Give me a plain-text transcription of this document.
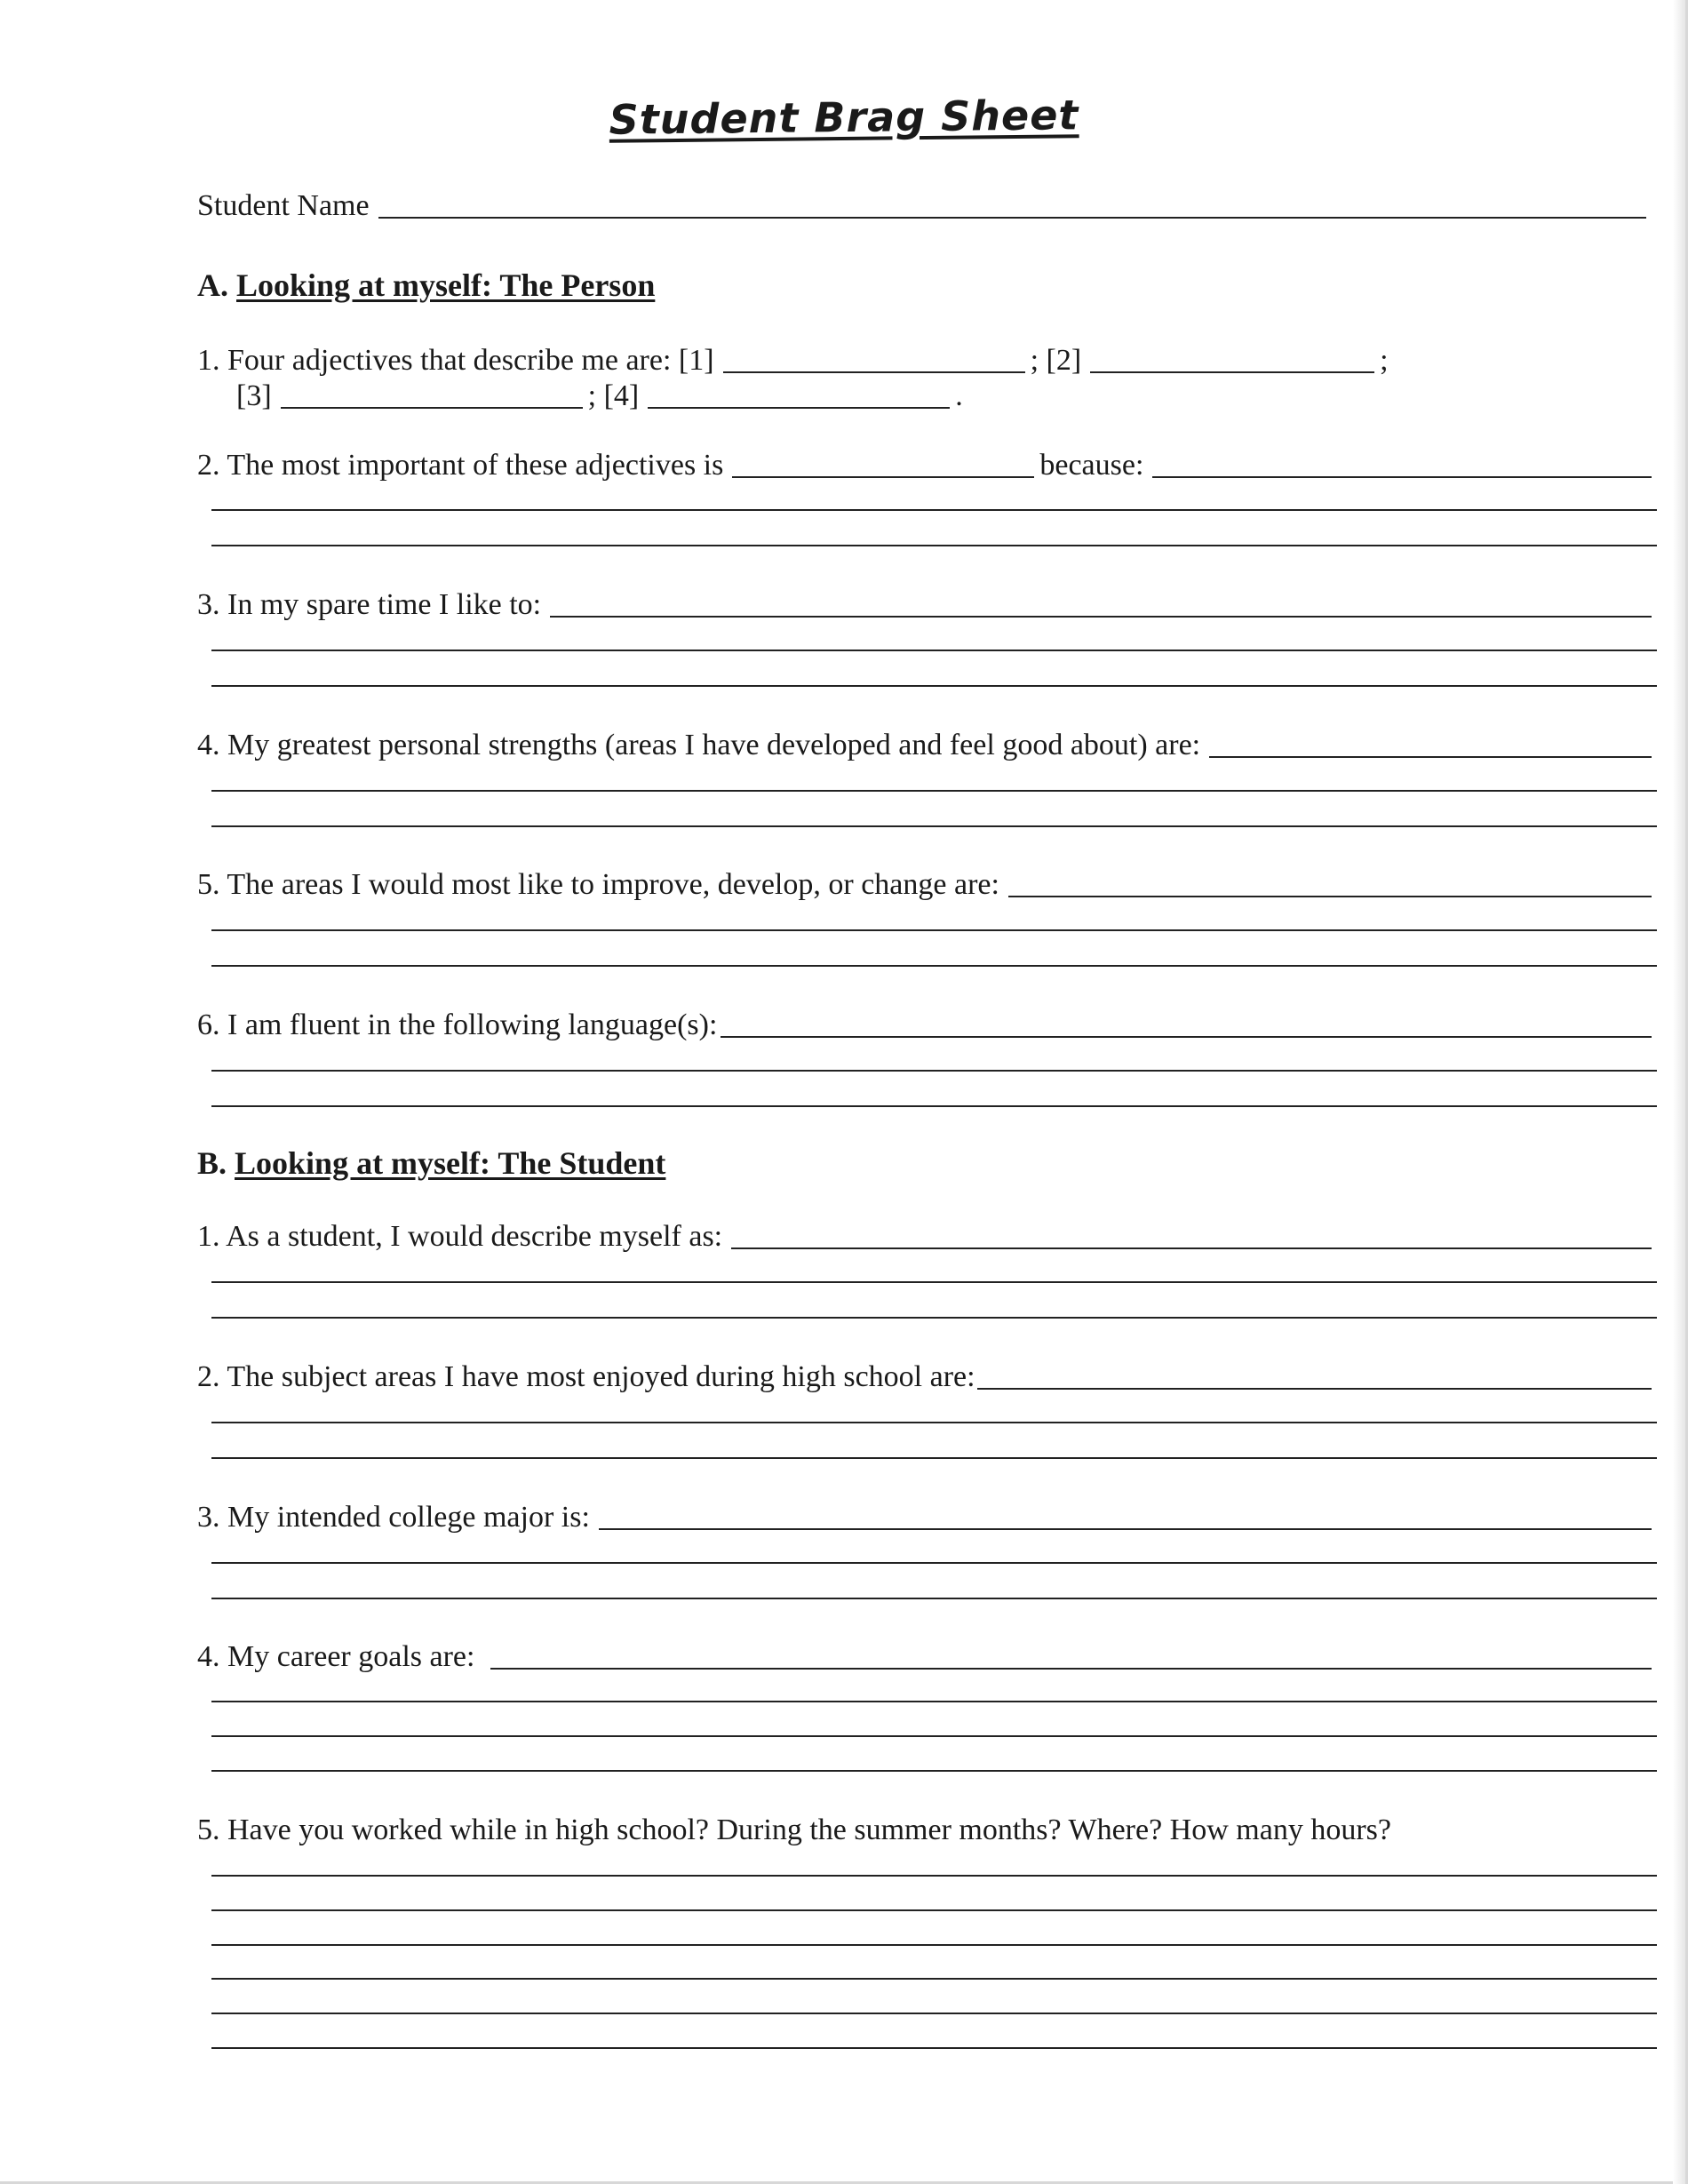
Student Brag Sheet
Student Name
A. Looking at myself: The Person
1. Four adjectives that describe me are: [1]	; [2]	;
[3]	; [4]	.
2. The most important of these adjectives is	because:
3. In my spare time I like to:
4. My greatest personal strengths (areas I have developed and feel good about) are:
5. The areas I would most like to improve, develop, or change are:
6. I am fluent in the following language(s):
B. Looking at myself: The Student
1. As a student, I would describe myself as:
2. The subject areas I have most enjoyed during high school are:
3. My intended college major is:
4. My career goals are:
5. Have you worked while in high school? During the summer months? Where? How many hours?
